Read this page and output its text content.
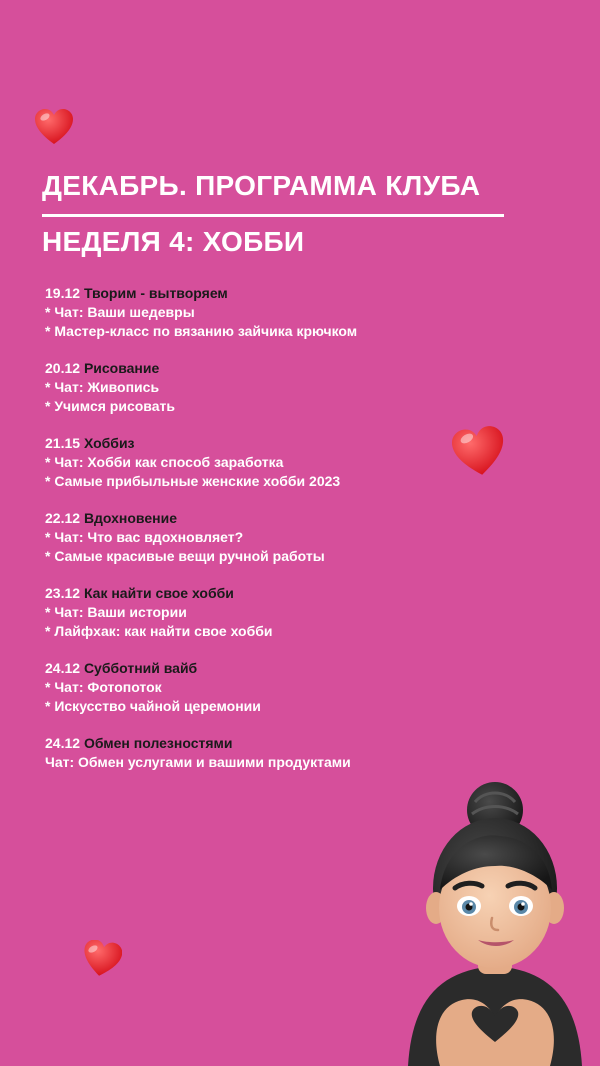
ДЕКАБРЬ. ПРОГРАММА КЛУБА
НЕДЕЛЯ 4: ХОББИ
19.12 Творим - вытворяем
* Чат: Ваши шедевры
* Мастер-класс по вязанию зайчика крючком
20.12 Рисование
* Чат: Живопись
* Учимся рисовать
21.15 Хоббиз
* Чат: Хобби как способ заработка
* Самые прибыльные женские хобби 2023
22.12 Вдохновение
* Чат: Что вас вдохновляет?
* Самые красивые вещи ручной работы
23.12 Как найти свое хобби
* Чат: Ваши истории
* Лайфхак: как найти свое хобби
24.12 Субботний вайб
* Чат: Фотопоток
* Искусство чайной церемонии
24.12 Обмен полезностями
Чат: Обмен услугами и вашими продуктами
